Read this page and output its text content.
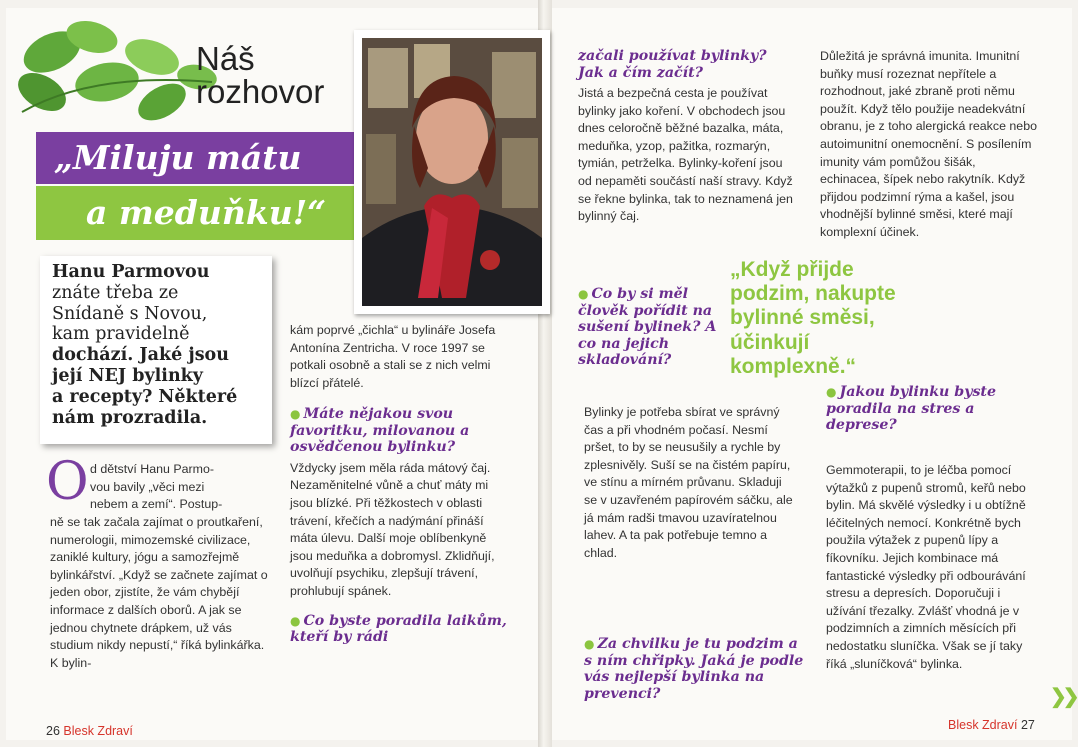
Náš
rozhovor
„Miluju mátu
a meduňku!“
Hanu Parmovou
znáte třeba ze
Snídaně s Novou,
kam pravidelně
dochází. Jaké jsou
její NEJ bylinky
a recepty? Některé
nám prozradila.
O d dětství Hanu Parmo-

vou bavily „věci mezi

nebem a zemí“. Postup-

ně se tak začala zajímat o proutkaření, numerologii, mimozemské civilizace, zaniklé kultury, jógu a samozřejmě bylinkářství. „Když se začnete zajímat o jeden obor, zjistíte, že vám chybějí informace z dalších oborů. A jak se jednou chytnete drápkem, už vás studium nikdy nepustí,“ říká bylinkářka. K bylin-

kám poprvé „čichla“ u bylináře Josefa Antonína Zentricha. V roce 1997 se potkali osobně a stali se z nich velmi blízcí přátelé.

● Máte nějakou svou favoritku, milovanou a osvědčenou bylinku?

Vždycky jsem měla ráda mátový čaj. Nezaměnitelné vůně a chuť máty mi jsou blízké. Při těžkostech v oblasti trávení, křečích a nadýmání přináší máta úlevu. Další moje oblíbenkyně jsou meduňka a dobromysl. Zklidňují, uvolňují psychiku, zlepšují trávení, prohlubují spánek.

● Co byste poradila laikům, kteří by rádi
začali používat bylinky? Jak a čím začít?

Jistá a bezpečná cesta je používat bylinky jako koření. V obchodech jsou dnes celoročně běžné bazalka, máta, meduňka, yzop, pažitka, rozmarýn, tymián, petrželka. Bylinky-koření jsou od nepaměti součástí naší stravy. Když se řekne bylinka, tak to neznamená jen bylinný čaj.

● Co by si měl člověk pořídit na sušení bylinek? A co na jejich skladování?

Bylinky je potřeba sbírat ve správný čas a při vhodném počasí. Nesmí pršet, to by se neusušily a rychle by zplesnivěly. Suší se na čistém papíru, ve stínu a mírném průvanu. Skladuji se v uzavřeném papírovém sáčku, ale já mám radši tmavou uzavíratelnou lahev. A ta pak potřebuje temno a chlad.

● Za chvilku je tu podzim a s ním chřipky. Jaká je podle vás nejlepší bylinka na prevenci?
„Když přijde podzim, nakupte bylinné směsi, účinkují komplexně.“

Důležitá je správná imunita. Imunitní buňky musí rozeznat nepřítele a rozhodnout, jaké zbraně proti němu použít. Když tělo použije neadekvátní obranu, je z toho alergická reakce nebo autoimunitní onemocnění. S posílením imunity vám pomůžou šišák, echinacea, šípek nebo rakytník. Když přijdou podzimní rýma a kašel, jsou vhodnější bylinné směsi, které mají komplexní účinek.

● Jakou bylinku byste poradila na stres a deprese?

Gemmoterapii, to je léčba pomocí výtažků z pupenů stromů, keřů nebo bylin. Má skvělé výsledky i u obtížně léčitelných nemocí. Konkrétně bych použila výtažek z pupenů lípy a fíkovníku. Jejich kombinace má fantastické výsledky při odbourávání stresu a depresích. Doporučuji i užívání třezalky. Zvlášť vhodná je v podzimních a zimních měsících při nedostatku sluníčka. Však se jí taky říká „sluníčková“ bylinka.

❯❯
26 Blesk Zdraví	Blesk Zdraví 27
